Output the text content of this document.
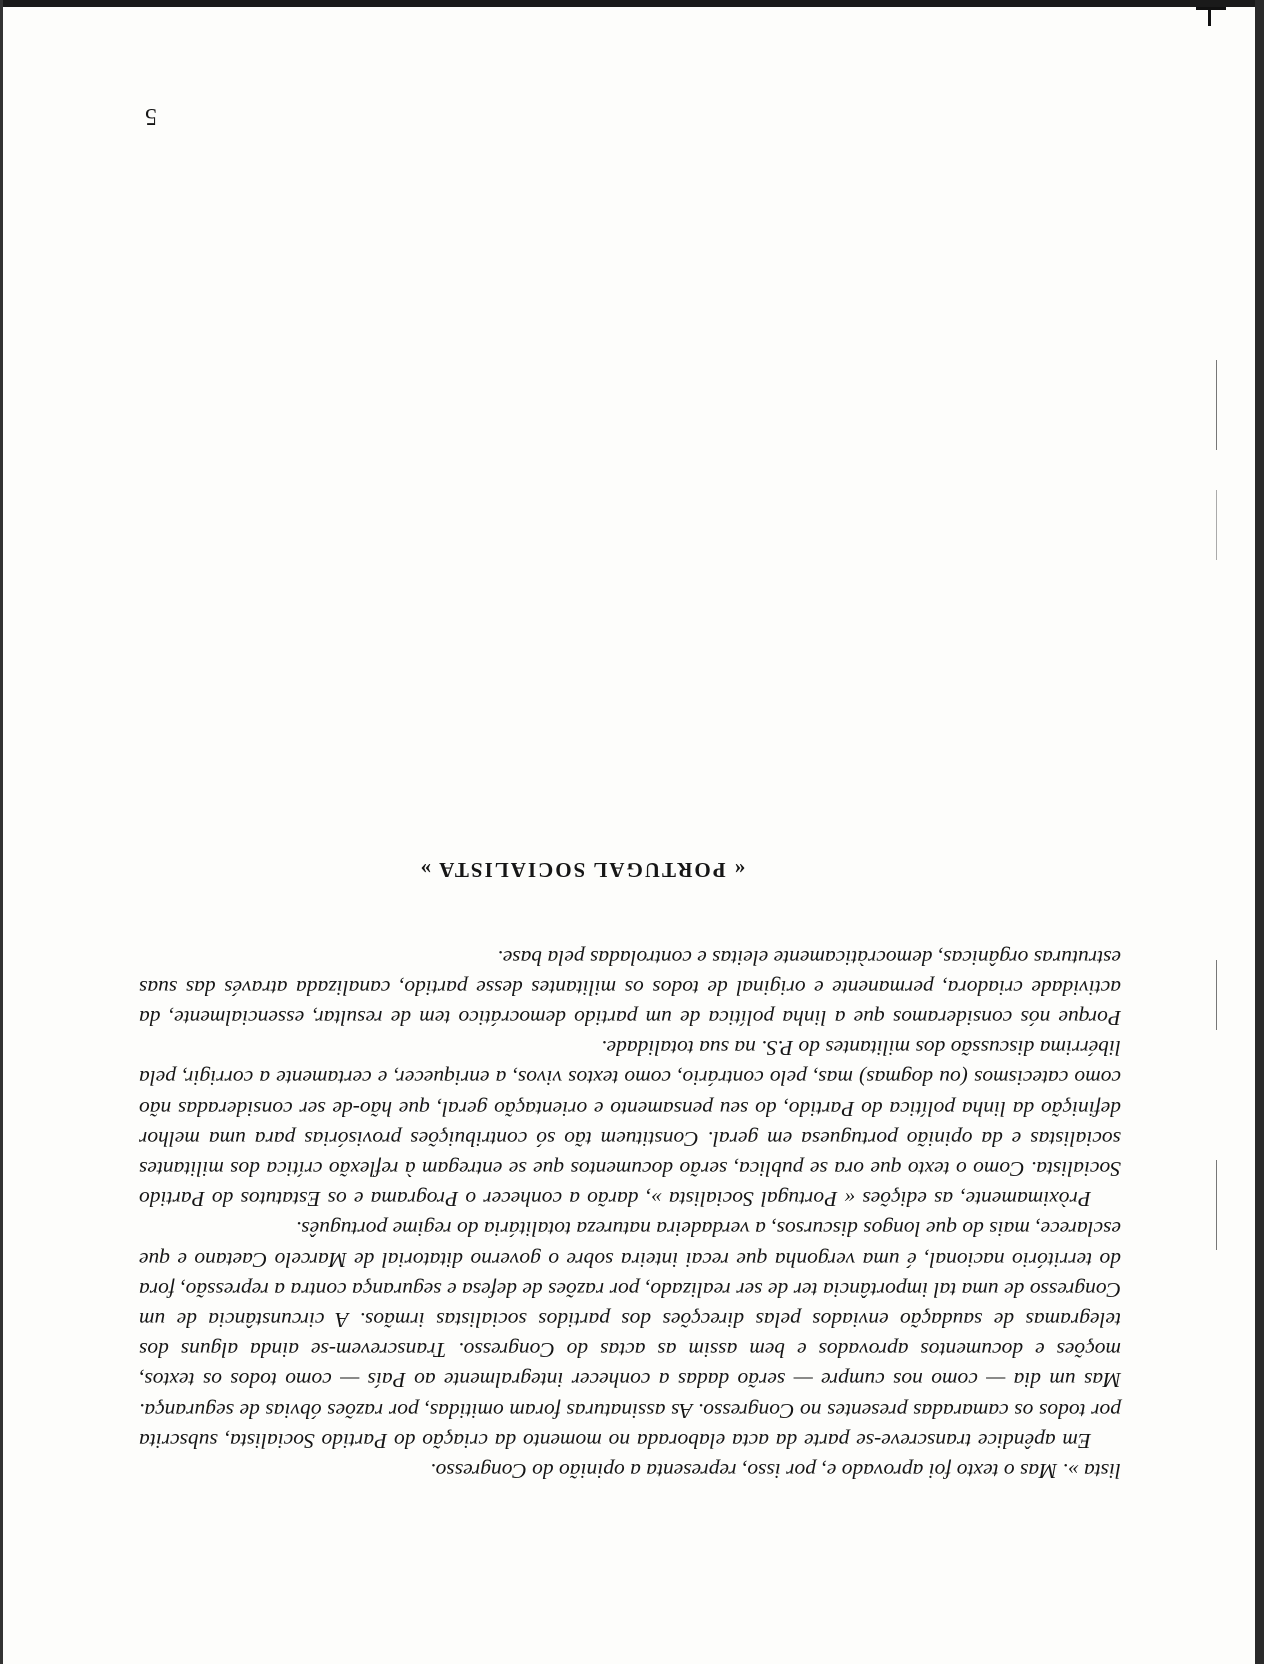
5

Porque nós consideramos que a linha política de um partido democrático tem de resultar, essencialmente, da actividade criadora, permanente e original de todos os militantes desse partido, canalizada através das suas estruturas orgânicas, democràticamente eleitas e controladas pela base.

« PORTUGAL SOCIALISTA »

lista ». Mas o texto foi aprovado e, por isso, representa a opinião do Congresso.

Em apêndice transcreve-se parte da acta elaborada no momento da criação do Partido Socialista, subscrita por todos os camaradas presentes no Congresso. As assinaturas foram omitidas, por razões óbvias de segurança. Mas um dia — como nos cumpre — serão dadas a conhecer integralmente ao País — como todos os textos, moções e documentos aprovados e bem assim as actas do Congresso. Transcrevem-se ainda alguns dos telegramas de saudação enviados pelas direcções dos partidos socialistas irmãos. A circunstância de um Congresso de uma tal importância ter de ser realizado, por razões de defesa e segurança contra a repressão, fora do território nacional, é uma vergonha que recai inteira sobre o governo ditatorial de Marcelo Caetano e que esclarece, mais do que longos discursos, a verdadeira natureza totalitária do regime português.

Pròximamente, as edições « Portugal Socialista », darão a conhecer o Programa e os Estatutos do Partido Socialista. Como o texto que ora se publica, serão documentos que se entregam à reflexão crítica dos militantes socialistas e da opinião portuguesa em geral. Constituem tão só contribuições provisórias para uma melhor definição da linha política do Partido, do seu pensamento e orientação geral, que hão-de ser consideradas não como catecismos (ou dogmas) mas, pelo contrário, como textos vivos, a enriquecer, e certamente a corrigir, pela libérrima discussão dos militantes do P.S. na sua totalidade.
